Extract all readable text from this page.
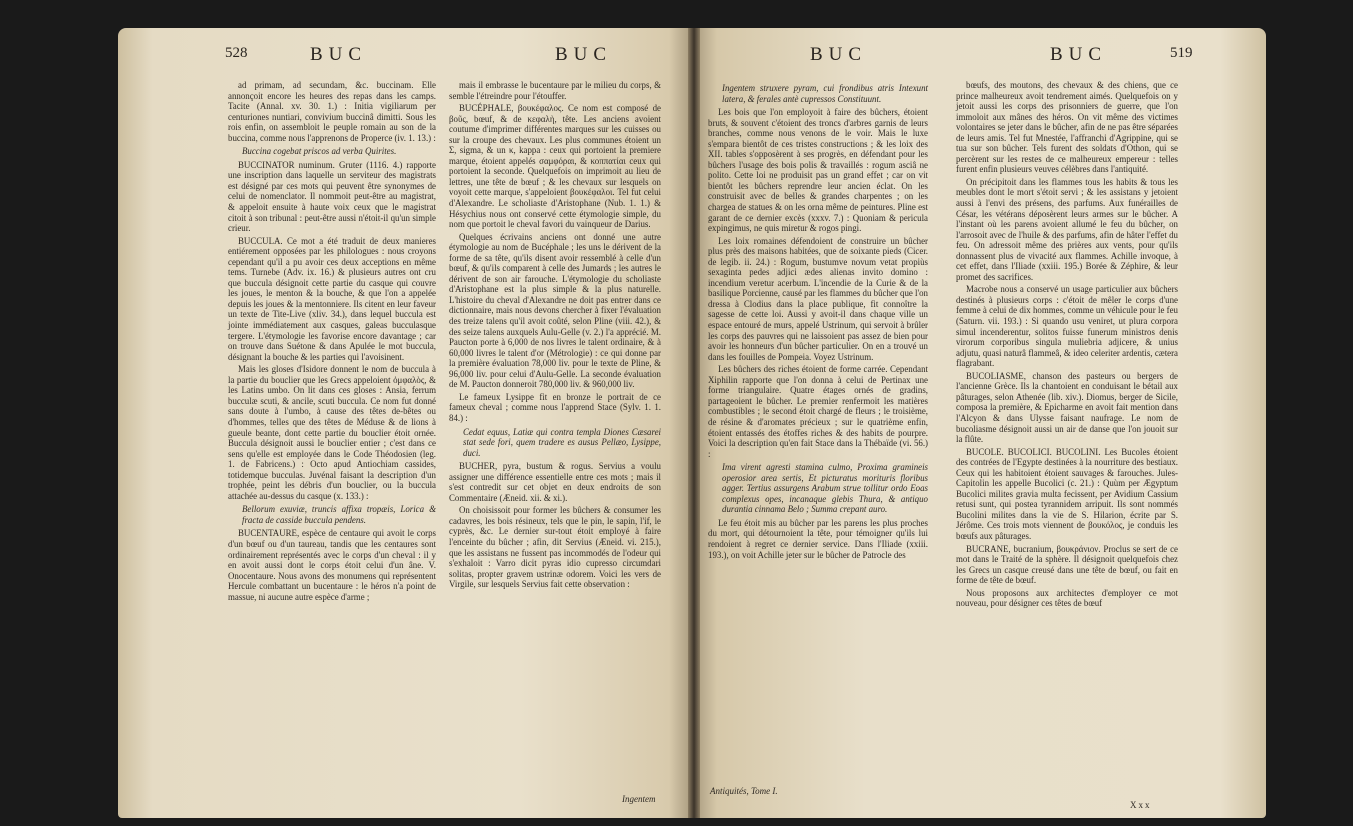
528	BUC	BUC	BUC	BUC	519

ad primam, ad secundam, &c. buccinam. Elle annonçoit encore les heures des repas dans les camps. Tacite (Annal. xv. 30. 1.) : Initia vigiliarum per centuriones nuntiari, convivium buccinâ dimitti. Sous les rois enfin, on assembloit le peuple romain au son de la buccina, comme nous l'apprenons de Properce (iv. 1. 13.) :

Buccina cogebat priscos ad verba Quirites.

BUCCINATOR numinum. Gruter (1116. 4.) rapporte une inscription dans laquelle un serviteur des magistrats est désigné par ces mots qui peuvent être synonymes de celui de nomenclator. Il nommoit peut-être au magistrat, & appeloit ensuite à haute voix ceux que le magistrat citoit à son tribunal : peut-être aussi n'étoit-il qu'un simple crieur.

BUCCULA. Ce mot a été traduit de deux manieres entiérement opposées par les philologues : nous croyons cependant qu'il a pu avoir ces deux acceptions en même tems. Turnebe (Adv. ix. 16.) & plusieurs autres ont cru que buccula désignoit cette partie du casque qui couvre les joues, le menton & la bouche, & que l'on a appelée depuis les joues & la mentonniere. Ils citent en leur faveur un texte de Tite-Live (xliv. 34.), dans lequel buccula est jointe immédiatement aux casques, galeas bucculasque tergere. L'étymologie les favorise encore davantage ; car on trouve dans Suétone & dans Apulée le mot buccula, désignant la bouche & les parties qui l'avoisinent.

Mais les gloses d'Isidore donnent le nom de buccula à la partie du bouclier que les Grecs appeloient ὀμφαλὸς, & les Latins umbo. On lit dans ces gloses : Ansia, ferrum bucculæ scuti, & ancile, scuti buccula. Ce nom fut donné sans doute à l'umbo, à cause des têtes de-bêtes ou d'hommes, telles que des têtes de Méduse & de lions à gueule beante, dont cette partie du bouclier étoit ornée. Buccula désignoit aussi le bouclier entier ; c'est dans ce sens qu'elle est employée dans le Code Théodosien (leg. 1. de Fabricens.) : Octo apud Antiochiam cassides, totidemque bucculas. Juvénal faisant la description d'un trophée, peint les débris d'un bouclier, ou la buccula attachée au-dessus du casque (x. 133.) :

Bellorum exuviæ, truncis affixa tropæis, Lorica & fracta de casside buccula pendens.

BUCENTAURE, espèce de centaure qui avoit le corps d'un bœuf ou d'un taureau, tandis que les centaures sont ordinairement représentés avec le corps d'un cheval : il y en avoit aussi dont le corps étoit celui d'un âne. V. Onocentaure. Nous avons des monumens qui représentent Hercule combattant un bucentaure : le héros n'a point de massue, ni aucune autre espèce d'arme ;

mais il embrasse le bucentaure par le milieu du corps, & semble l'étreindre pour l'étouffer.

BUCÉPHALE, βουκέφαλος. Ce nom est composé de βοῦς, bœuf, & de κεφαλὴ, tête. Les anciens avoient coutume d'imprimer différentes marques sur les cuisses ou sur la croupe des chevaux. Les plus communes étoient un Σ, sigma, & un κ, kappa : ceux qui portoient la premiere marque, étoient appelés σαμφόραι, & κοππατίαι ceux qui portoient la seconde. Quelquefois on imprimoit au lieu de lettres, une tête de bœuf ; & les chevaux sur lesquels on voyoit cette marque, s'appeloient βουκέφαλοι. Tel fut celui d'Alexandre. Le scholiaste d'Aristophane (Nub. 1. 1.) & Hésychius nous ont conservé cette étymologie simple, du nom que portoit le cheval favori du vainqueur de Darius.

Quelques écrivains anciens ont donné une autre étymologie au nom de Bucéphale ; les uns le dérivent de la forme de sa tête, qu'ils disent avoir ressemblé à celle d'un bœuf, & qu'ils comparent à celle des Jumards ; les autres le dérivent de son air farouche. L'étymologie du scholiaste d'Aristophane est la plus simple & la plus naturelle. L'histoire du cheval d'Alexandre ne doit pas entrer dans ce dictionnaire, mais nous devons chercher à fixer l'évaluation des treize talens qu'il avoit coûté, selon Pline (viii. 42.), & des seize talens auxquels Aulu-Gelle (v. 2.) l'a apprécié. M. Paucton porte à 6,000 de nos livres le talent ordinaire, & à 60,000 livres le talent d'or (Métrologie) : ce qui donne par la première évaluation 78,000 liv. pour le texte de Pline, & 96,000 liv. pour celui d'Aulu-Gelle. La seconde évaluation de M. Paucton donneroit 780,000 liv. & 960,000 liv.

Le fameux Lysippe fit en bronze le portrait de ce fameux cheval ; comme nous l'apprend Stace (Sylv. 1. 1. 84.) :

Cedat equus, Latiæ qui contra templa Diones Cæsarei stat sede fori, quem tradere es ausus Pellæo, Lysippe, duci.

BUCHER, pyra, bustum & rogus. Servius a voulu assigner une différence essentielle entre ces mots ; mais il s'est contredit sur cet objet en deux endroits de son Commentaire (Æneid. xii. & xi.).

On choisissoit pour former les bûchers & consumer les cadavres, les bois résineux, tels que le pin, le sapin, l'if, le cyprès, &c. Le dernier sur-tout étoit employé à faire l'enceinte du bûcher ; afin, dit Servius (Æneid. vi. 215.), que les assistans ne fussent pas incommodés de l'odeur qui s'exhaloit : Varro dicit pyras idio cupresso circumdari solitas, propter gravem ustrinæ odorem. Voici les vers de Virgile, sur lesquels Servius fait cette observation :

Ingentem

Ingentem struxere pyram, cui frondibus atris Intexunt latera, & ferales antè cupressos Constituunt.

Les bois que l'on employoit à faire des bûchers, étoient bruts, & souvent c'étoient des troncs d'arbres garnis de leurs branches, comme nous venons de le voir. Mais le luxe s'empara bientôt de ces tristes constructions ; & les loix des XII. tables s'opposèrent à ses progrès, en défendant pour les bûchers l'usage des bois polis & travaillés : rogum asciâ ne polito. Cette loi ne produisit pas un grand effet ; car on vit bientôt les bûchers reprendre leur ancien éclat. On les construisit avec de belles & grandes charpentes ; on les chargea de statues & on les orna même de peintures. Pline est garant de ce dernier excès (xxxv. 7.) : Quoniam & pericula expingimus, ne quis miretur & rogos pingi.

Les loix romaines défendoient de construire un bûcher plus près des maisons habitées, que de soixante pieds (Cicer. de legib. ii. 24.) : Rogum, bustumve novum vetat propiùs sexaginta pedes adjici ædes alienas invito domino : incendium veretur acerbum. L'incendie de la Curie & de la basilique Porcienne, causé par les flammes du bûcher que l'on dressa à Clodius dans la place publique, fit connoître la sagesse de cette loi. Aussi y avoit-il dans chaque ville un espace entouré de murs, appelé Ustrinum, qui servoit à brûler les corps des pauvres qui ne laissoient pas assez de bien pour avoir les honneurs d'un bûcher particulier. On en a trouvé un dans les fouilles de Pompeia. Voyez Ustrinum.

Les bûchers des riches étoient de forme carrée. Cependant Xiphilin rapporte que l'on donna à celui de Pertinax une forme triangulaire. Quatre étages ornés de gradins, partageoient le bûcher. Le premier renfermoit les matières combustibles ; le second étoit chargé de fleurs ; le troisième, de résine & d'aromates précieux ; sur le quatrième enfin, étoient entassés des étoffes riches & des habits de pourpre. Voici la description qu'en fait Stace dans la Thébaïde (vi. 56.) :

Ima virent agresti stamina culmo, Proxima gramineis operosior area sertis, Et picturatus morituris floribus agger. Tertius assurgens Arabum strue tollitur ordo Eoas complexus opes, incanaque glebis Thura, & antiquo durantia cinnama Belo ; Summa crepant auro.

Le feu étoit mis au bûcher par les parens les plus proches du mort, qui détournoient la tête, pour témoigner qu'ils lui rendoient à regret ce dernier service. Dans l'Iliade (xxiii. 193.), on voit Achille jeter sur le bûcher de Patrocle des

bœufs, des moutons, des chevaux & des chiens, que ce prince malheureux avoit tendrement aimés. Quelquefois on y jetoit aussi les corps des prisonniers de guerre, que l'on immoloit aux mânes des héros. On vit même des victimes volontaires se jeter dans le bûcher, afin de ne pas être séparées de leurs amis. Tel fut Mnestée, l'affranchi d'Agrippine, qui se tua sur son bûcher. Tels furent des soldats d'Othon, qui se percèrent sur les restes de ce malheureux empereur : telles furent enfin plusieurs veuves célèbres dans l'antiquité.

On précipitoit dans les flammes tous les habits & tous les meubles dont le mort s'étoit servi ; & les assistans y jetoient aussi à l'envi des présens, des parfums. Aux funérailles de César, les vétérans déposèrent leurs armes sur le bûcher. A l'instant où les parens avoient allumé le feu du bûcher, on l'arrosoit avec de l'huile & des parfums, afin de hâter l'effet du feu. On adressoit même des prières aux vents, pour qu'ils donnassent plus de vivacité aux flammes. Achille invoque, à cet effet, dans l'Iliade (xxiii. 195.) Borée & Zéphire, & leur promet des sacrifices.

Macrobe nous a conservé un usage particulier aux bûchers destinés à plusieurs corps : c'étoit de mêler le corps d'une femme à celui de dix hommes, comme un véhicule pour le feu (Saturn. vii. 193.) : Si quando usu veniret, ut plura corpora simul incenderentur, solitos fuisse funerum ministros denis virorum corporibus singula muliebria adjicere, & unius adjutu, quasi naturâ flammeâ, & ideo celeriter ardentis, cætera flagrabant.

BUCOLIASME, chanson des pasteurs ou bergers de l'ancienne Grèce. Ils la chantoient en conduisant le bétail aux pâturages, selon Athenée (lib. xiv.). Diomus, berger de Sicile, composa la première, & Epicharme en avoit fait mention dans l'Alcyon & dans Ulysse faisant naufrage. Le nom de bucoliasme désignoit aussi un air de danse que l'on jouoit sur la flûte.

BUCOLE. BUCOLICI. BUCOLINI. Les Bucoles étoient des contrées de l'Egypte destinées à la nourriture des bestiaux. Ceux qui les habitoient étoient sauvages & farouches. Jules-Capitolin les appelle Bucolici (c. 21.) : Quùm per Ægyptum Bucolici milites gravia multa fecissent, per Avidium Cassium retusi sunt, qui postea tyrannidem arripuit. Ils sont nommés Bucolini milites dans la vie de S. Hilarion, écrite par S. Jérôme. Ces trois mots viennent de βουκόλος, je conduis les bœufs aux pâturages.

BUCRANE, bucranium, βουκράνιον. Proclus se sert de ce mot dans le Traité de la sphère. Il désignoit quelquefois chez les Grecs un casque creusé dans une tête de bœuf, ou fait en forme de tête de bœuf.

Nous proposons aux architectes d'employer ce mot nouveau, pour désigner ces têtes de bœuf

Antiquités, Tome I.
Xxx
